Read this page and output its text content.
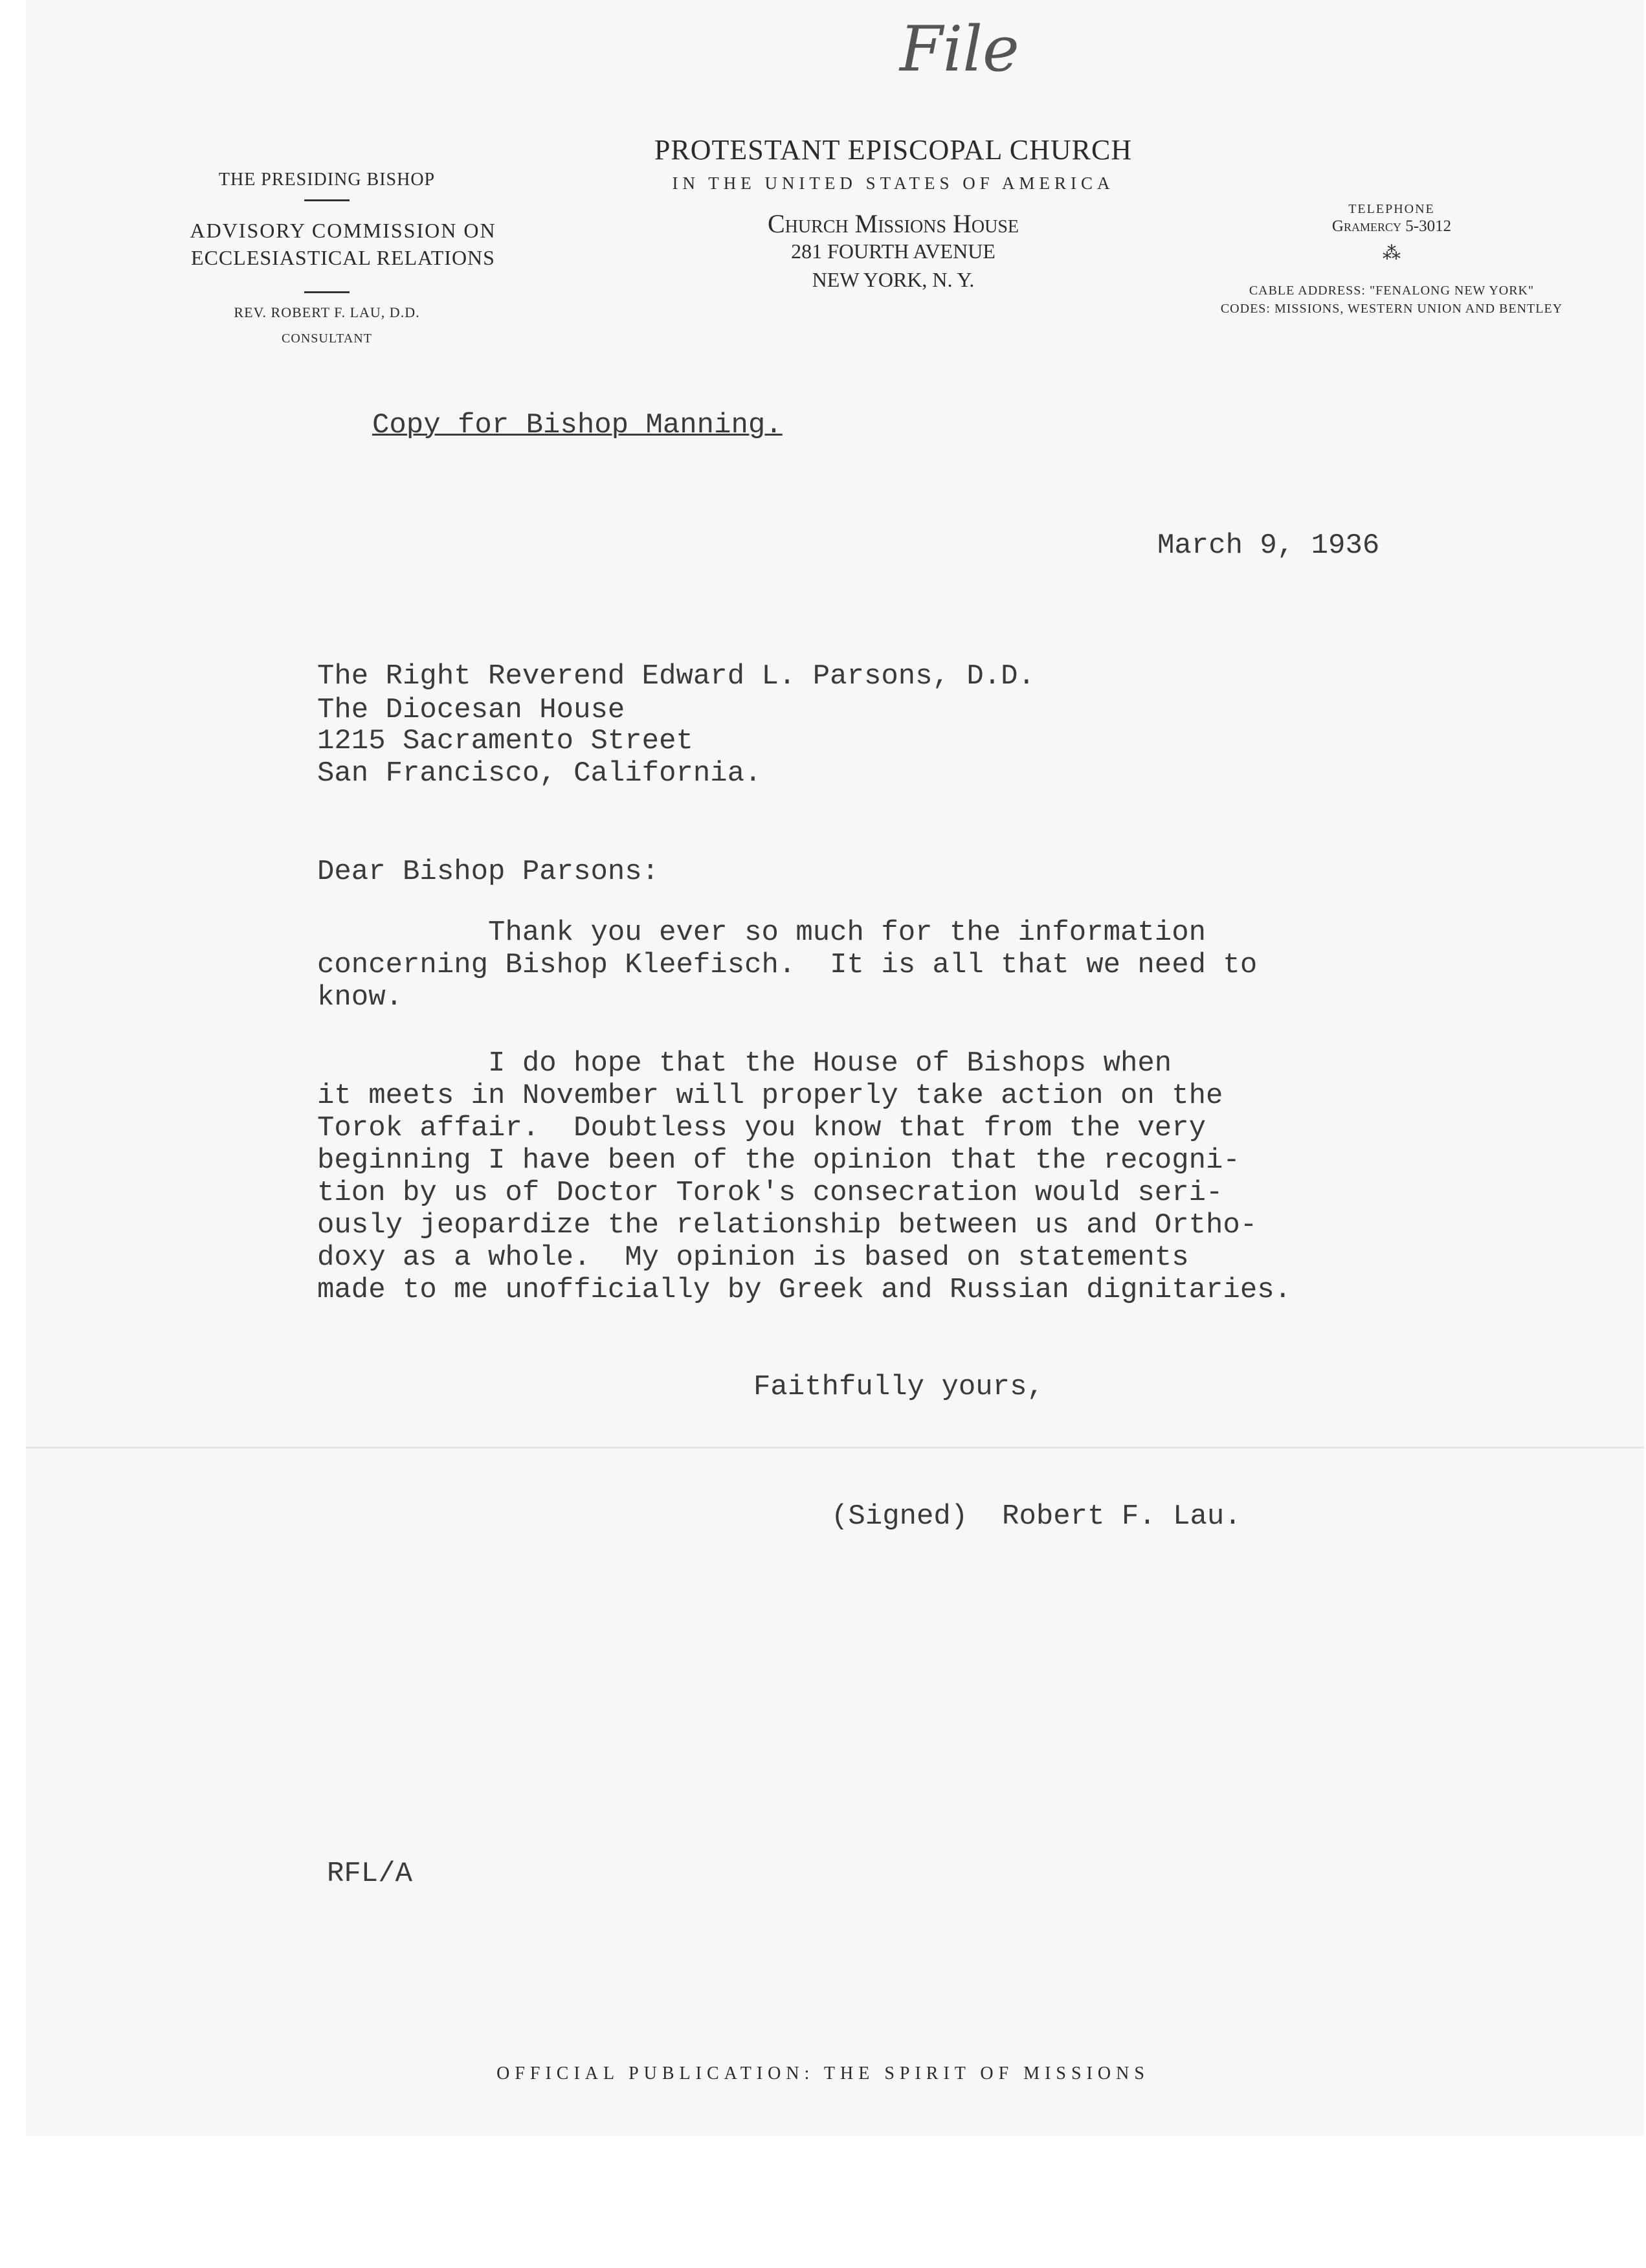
File
THE PRESIDING BISHOP
ADVISORY COMMISSION ON
ECCLESIASTICAL RELATIONS
REV. ROBERT F. LAU, D.D.
CONSULTANT
PROTESTANT EPISCOPAL CHURCH
IN THE UNITED STATES OF AMERICA
Church Missions House
281 FOURTH AVENUE
NEW YORK, N. Y.
TELEPHONE
Gramercy 5-3012
⁂
CABLE ADDRESS: "FENALONG NEW YORK"
CODES: MISSIONS, WESTERN UNION AND BENTLEY
Copy for Bishop Manning.
March 9, 1936
The Right Reverend Edward L. Parsons, D.D.
The Diocesan House
1215 Sacramento Street
San Francisco, California.
Dear Bishop Parsons:
Thank you ever so much for the information
concerning Bishop Kleefisch.  It is all that we need to
know.
I do hope that the House of Bishops when
it meets in November will properly take action on the
Torok affair.  Doubtless you know that from the very
beginning I have been of the opinion that the recogni-
tion by us of Doctor Torok's consecration would seri-
ously jeopardize the relationship between us and Ortho-
doxy as a whole.  My opinion is based on statements
made to me unofficially by Greek and Russian dignitaries.
Faithfully yours,
(Signed)  Robert F. Lau.
RFL/A
OFFICIAL PUBLICATION: THE SPIRIT OF MISSIONS
